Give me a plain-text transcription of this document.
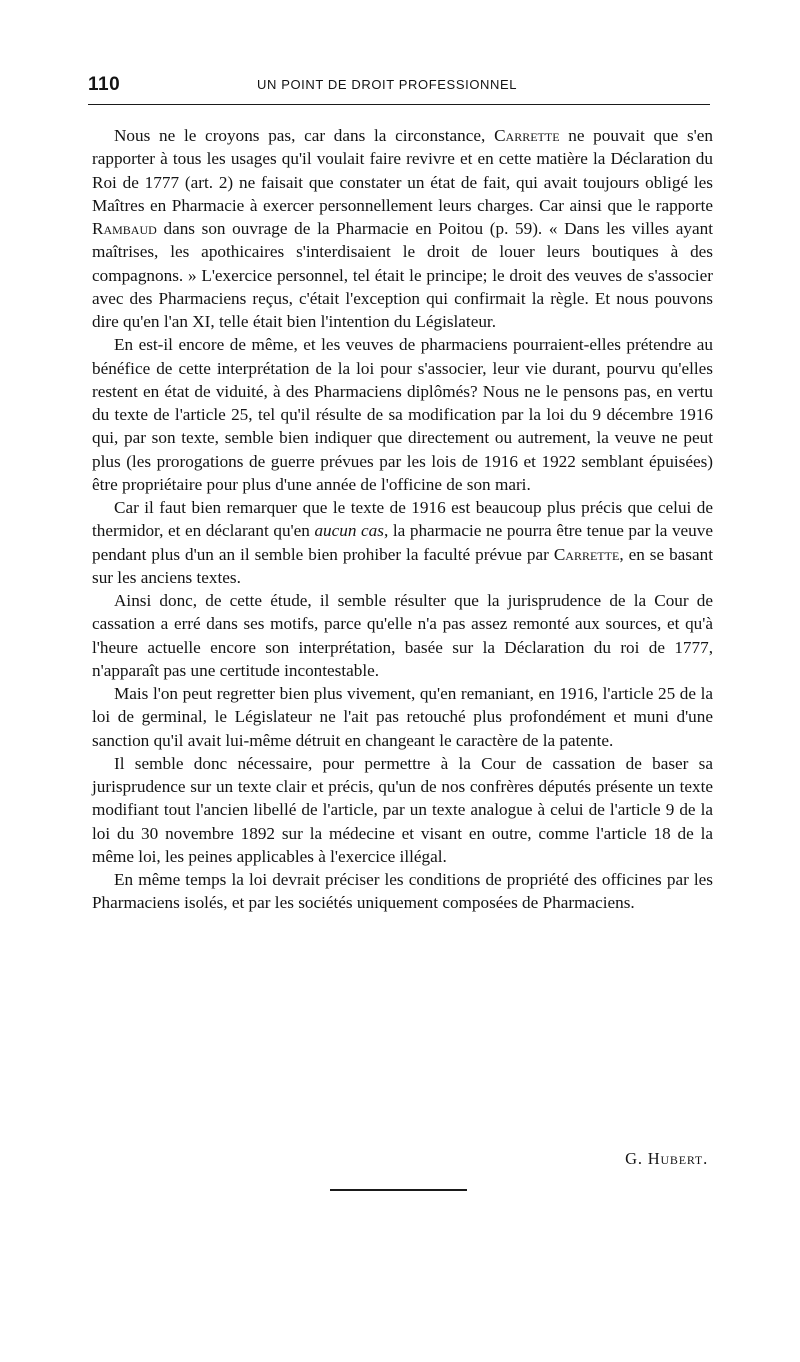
110	UN POINT DE DROIT PROFESSIONNEL

Nous ne le croyons pas, car dans la circonstance, Carrette ne pouvait que s'en rapporter à tous les usages qu'il voulait faire revivre et en cette matière la Déclaration du Roi de 1777 (art. 2) ne faisait que constater un état de fait, qui avait toujours obligé les Maîtres en Pharmacie à exercer personnellement leurs charges. Car ainsi que le rapporte Rambaud dans son ouvrage de la Pharmacie en Poitou (p. 59). « Dans les villes ayant maîtrises, les apothicaires s'interdisaient le droit de louer leurs boutiques à des compagnons. » L'exercice personnel, tel était le principe; le droit des veuves de s'associer avec des Pharmaciens reçus, c'était l'exception qui confirmait la règle. Et nous pouvons dire qu'en l'an XI, telle était bien l'intention du Législateur.

En est-il encore de même, et les veuves de pharmaciens pourraient-elles prétendre au bénéfice de cette interprétation de la loi pour s'associer, leur vie durant, pourvu qu'elles restent en état de viduité, à des Pharmaciens diplômés? Nous ne le pensons pas, en vertu du texte de l'article 25, tel qu'il résulte de sa modification par la loi du 9 décembre 1916 qui, par son texte, semble bien indiquer que directement ou autrement, la veuve ne peut plus (les prorogations de guerre prévues par les lois de 1916 et 1922 semblant épuisées) être propriétaire pour plus d'une année de l'officine de son mari.

Car il faut bien remarquer que le texte de 1916 est beaucoup plus précis que celui de thermidor, et en déclarant qu'en aucun cas, la pharmacie ne pourra être tenue par la veuve pendant plus d'un an il semble bien prohiber la faculté prévue par Carrette, en se basant sur les anciens textes.

Ainsi donc, de cette étude, il semble résulter que la jurisprudence de la Cour de cassation a erré dans ses motifs, parce qu'elle n'a pas assez remonté aux sources, et qu'à l'heure actuelle encore son interprétation, basée sur la Déclaration du roi de 1777, n'apparaît pas une certitude incontestable.

Mais l'on peut regretter bien plus vivement, qu'en remaniant, en 1916, l'article 25 de la loi de germinal, le Législateur ne l'ait pas retouché plus profondément et muni d'une sanction qu'il avait lui-même détruit en changeant le caractère de la patente.

Il semble donc nécessaire, pour permettre à la Cour de cassation de baser sa jurisprudence sur un texte clair et précis, qu'un de nos confrères députés présente un texte modifiant tout l'ancien libellé de l'article, par un texte analogue à celui de l'article 9 de la loi du 30 novembre 1892 sur la médecine et visant en outre, comme l'article 18 de la même loi, les peines applicables à l'exercice illégal.

En même temps la loi devrait préciser les conditions de propriété des officines par les Pharmaciens isolés, et par les sociétés uniquement composées de Pharmaciens.

G. Hubert.
